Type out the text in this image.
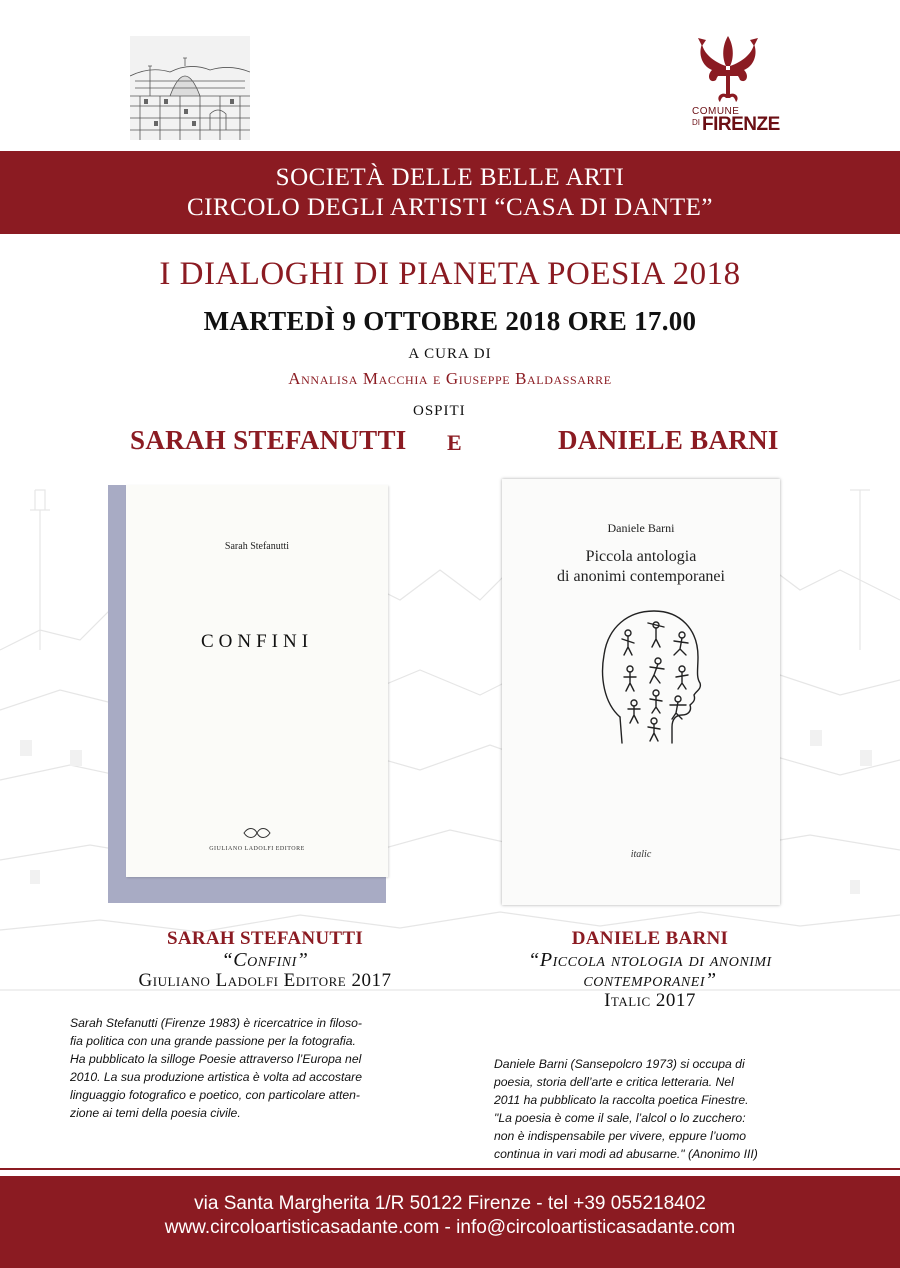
COMUNE
DI FIRENZE
SOCIETÀ DELLE BELLE ARTI
CIRCOLO DEGLI ARTISTI “CASA DI DANTE”
I DIALOGHI DI PIANETA POESIA 2018
MARTEDÌ 9 OTTOBRE 2018 ORE 17.00
A CURA DI
Annalisa Macchia e Giuseppe Baldassarre
OSPITI
SARAH STEFANUTTI E	DANIELE BARNI
Sarah Stefanutti
CONFINI
GIULIANO LADOLFI EDITORE
Daniele Barni
Piccola antologia
di anonimi contemporanei
italic
SARAH STEFANUTTI
“Confini”
Giuliano Ladolfi Editore 2017
DANIELE BARNI
“Piccola ntologia di anonimi
contemporanei”
Italic 2017
Sarah Stefanutti (Firenze 1983) è ricercatrice in filoso-
fia politica con una grande passione per la fotografia.
Ha pubblicato la silloge Poesie attraverso l’Europa nel
2010. La sua produzione artistica è volta ad accostare
linguaggio fotografico e poetico, con particolare atten-
zione ai temi della poesia civile.
Daniele Barni (Sansepolcro 1973) si occupa di
poesia, storia dell’arte e critica letteraria. Nel
2011 ha pubblicato la raccolta poetica Finestre.
"La poesia è come il sale, l’alcol o lo zucchero:
non è indispensabile per vivere, eppure l’uomo
continua in vari modi ad abusarne." (Anonimo III)
via Santa Margherita 1/R 50122 Firenze - tel +39 055218402
www.circoloartisticasadante.com - info@circoloartisticasadante.com
